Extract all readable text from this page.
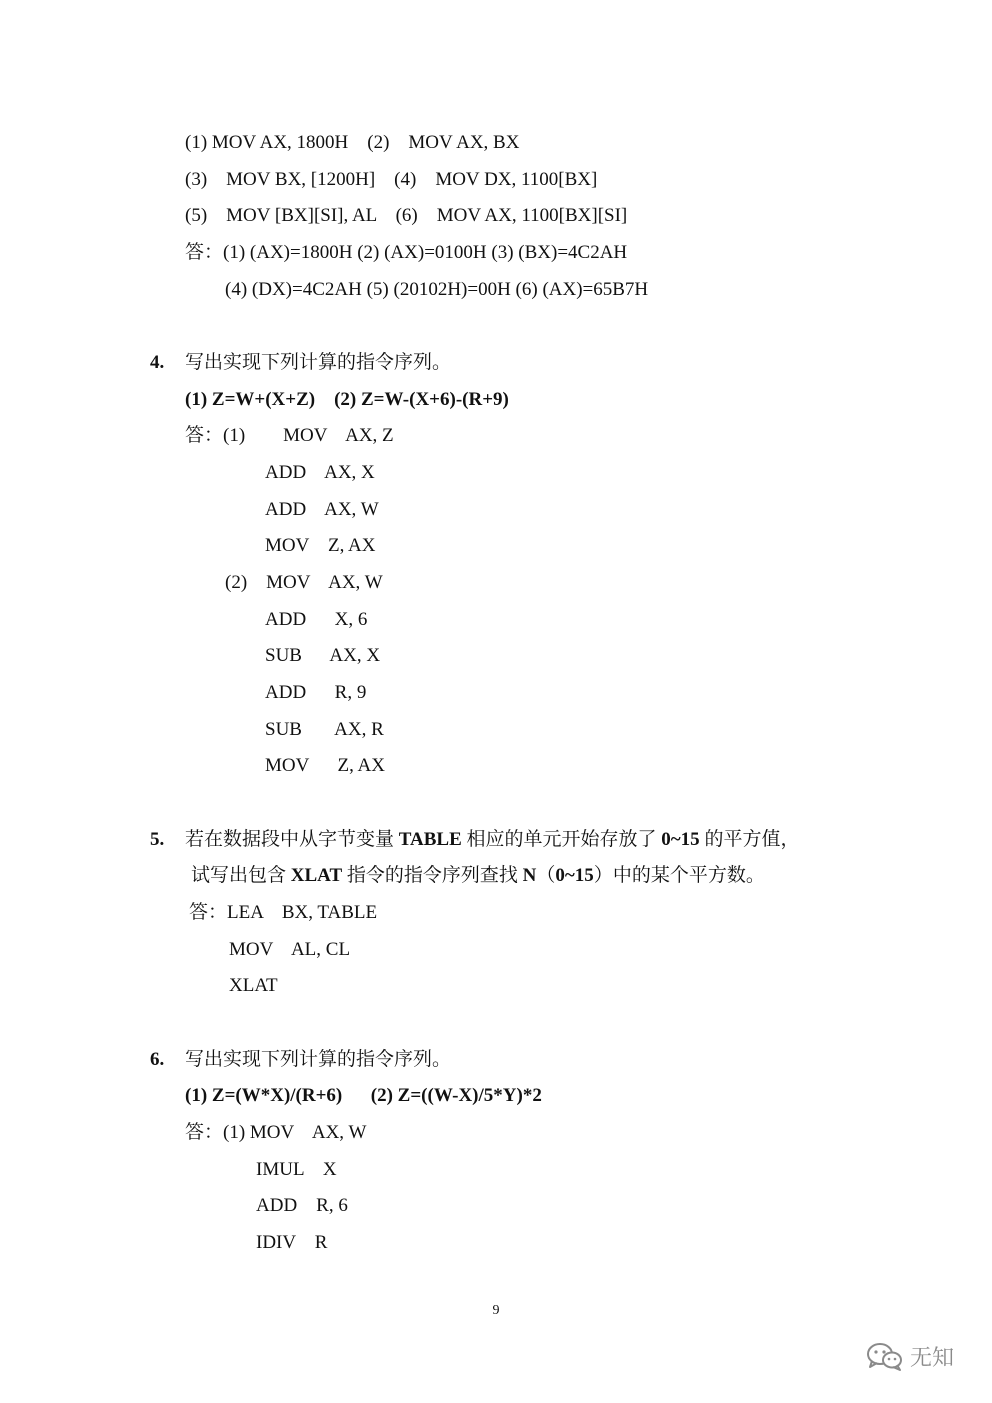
(1) MOV AX, 1800H    (2)    MOV AX, BX
(3)    MOV BX, [1200H]    (4)    MOV DX, 1100[BX]
(5)    MOV [BX][SI], AL    (6)    MOV AX, 1100[BX][SI]
答：(1) (AX)=1800H (2) (AX)=0100H (3) (BX)=4C2AH
(4) (DX)=4C2AH (5) (20102H)=00H (6) (AX)=65B7H
4. 写出实现下列计算的指令序列。
(1) Z=W+(X+Z)    (2) Z=W-(X+6)-(R+9)
答：(1)        MOV    AX, Z
ADD    AX, X
ADD    AX, W
MOV    Z, AX
(2)    MOV    AX, W
ADD      X, 6
SUB      AX, X
ADD      R, 9
SUB       AX, R
MOV      Z, AX
5. 若在数据段中从字节变量 TABLE 相应的单元开始存放了 0~15 的平方值，
试写出包含 XLAT 指令的指令序列查找 N（0~15）中的某个平方数。
答：LEA    BX, TABLE
MOV    AL, CL
XLAT
6. 写出实现下列计算的指令序列。
(1) Z=(W*X)/(R+6)      (2) Z=((W-X)/5*Y)*2
答：(1) MOV    AX, W
IMUL    X
ADD    R, 6
IDIV    R
9
无知
